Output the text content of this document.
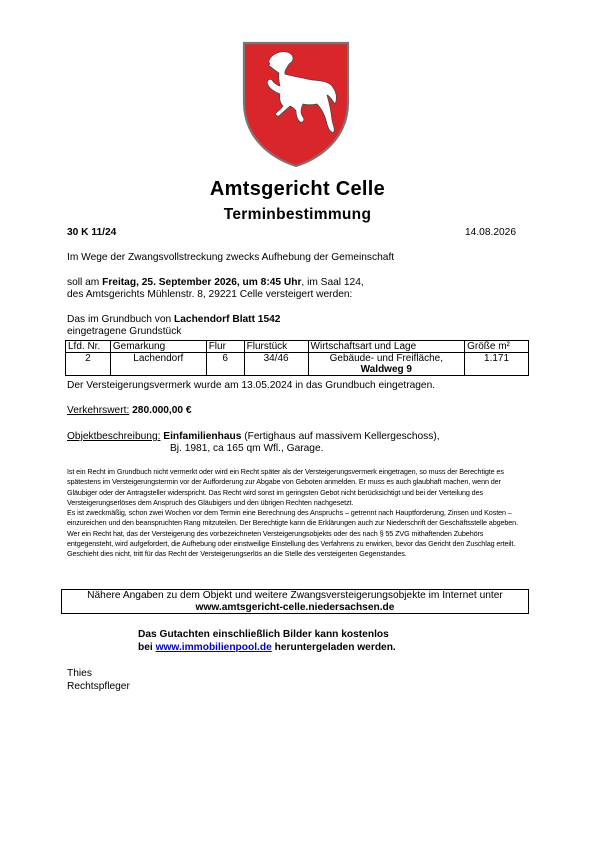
Amtsgericht Celle
Terminbestimmung
30 K 11/24	14.08.2026
Im Wege der Zwangsvollstreckung zwecks Aufhebung der Gemeinschaft
soll am Freitag, 25. September 2026, um 8:45 Uhr, im Saal 124,
des Amtsgerichts Mühlenstr. 8, 29221 Celle versteigert werden:
Das im Grundbuch von Lachendorf Blatt 1542
eingetragene Grundstück
Lfd. Nr.	Gemarkung	Flur	Flurstück	Wirtschaftsart und Lage	Größe m²
2	Lachendorf	6	34/46	Gebäude- und Freifläche,
Waldweg 9	1.171
Der Versteigerungsvermerk wurde am 13.05.2024 in das Grundbuch eingetragen.
Verkehrswert: 280.000,00 €
Objektbeschreibung: Einfamilienhaus (Fertighaus auf massivem Kellergeschoss),
Bj. 1981, ca 165 qm Wfl., Garage.

Ist ein Recht im Grundbuch nicht vermerkt oder wird ein Recht später als der Versteigerungsvermerk eingetragen, so muss der Berechtigte es spätestens im Versteigerungstermin vor der Aufforderung zur Abgabe von Geboten anmelden. Er muss es auch glaubhaft machen, wenn der Gläubiger oder der Antragsteller widerspricht. Das Recht wird sonst im geringsten Gebot nicht berücksichtigt und bei der Verteilung des Versteigerungserlöses dem Anspruch des Gläubigers und den übrigen Rechten nachgesetzt.

Es ist zweckmäßig, schon zwei Wochen vor dem Termin eine Berechnung des Anspruchs – getrennt nach Hauptforderung, Zinsen und Kosten – einzureichen und den beanspruchten Rang mitzuteilen. Der Berechtigte kann die Erklärungen auch zur Niederschrift der Geschäftsstelle abgeben.

Wer ein Recht hat, das der Versteigerung des vorbezeichneten Versteigerungsobjekts oder des nach § 55 ZVG mithaftenden Zubehörs entgegensteht, wird aufgefordert, die Aufhebung oder einstweilige Einstellung des Verfahrens zu erwirken, bevor das Gericht den Zuschlag erteilt. Geschieht dies nicht, tritt für das Recht der Versteigerungserlös an die Stelle des versteigerten Gegenstandes.

Nähere Angaben zu dem Objekt und weitere Zwangsversteigerungsobjekte im Internet unter
www.amtsgericht-celle.niedersachsen.de
Das Gutachten einschließlich Bilder kann kostenlos
bei www.immobilienpool.de heruntergeladen werden.
Thies
Rechtspfleger
